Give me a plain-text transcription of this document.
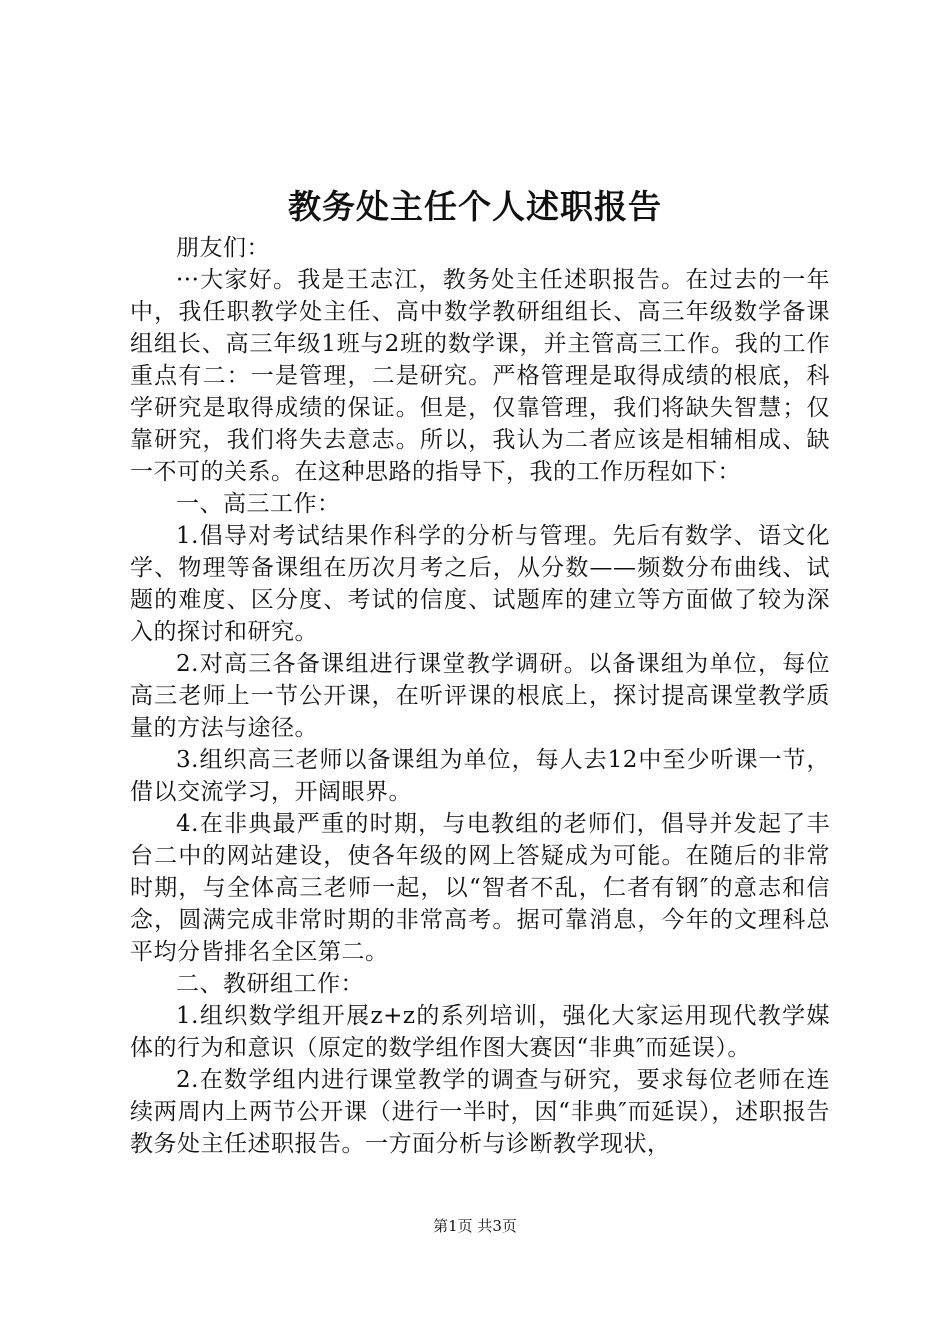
教务处主任个人述职报告

朋友们：

···大家好。我是王志江，教务处主任述职报告。在过去的一年中，我任职教学处主任、高中数学教研组组长、高三年级数学备课组组长、高三年级1班与2班的数学课，并主管高三工作。我的工作重点有二：一是管理，二是研究。严格管理是取得成绩的根底，科学研究是取得成绩的保证。但是，仅靠管理，我们将缺失智慧；仅靠研究，我们将失去意志。所以，我认为二者应该是相辅相成、缺一不可的关系。在这种思路的指导下，我的工作历程如下：

一、高三工作：

1.倡导对考试结果作科学的分析与管理。先后有数学、语文化学、物理等备课组在历次月考之后，从分数——频数分布曲线、试题的难度、区分度、考试的信度、试题库的建立等方面做了较为深入的探讨和研究。

2.对高三各备课组进行课堂教学调研。以备课组为单位，每位高三老师上一节公开课，在听评课的根底上，探讨提高课堂教学质量的方法与途径。

3.组织高三老师以备课组为单位，每人去12中至少听课一节，借以交流学习，开阔眼界。

4.在非典最严重的时期，与电教组的老师们，倡导并发起了丰台二中的网站建设，使各年级的网上答疑成为可能。在随后的非常时期，与全体高三老师一起，以“智者不乱，仁者有钢″的意志和信念，圆满完成非常时期的非常高考。据可靠消息，今年的文理科总平均分皆排名全区第二。

二、教研组工作：

1.组织数学组开展z+z的系列培训，强化大家运用现代教学媒体的行为和意识（原定的数学组作图大赛因“非典″而延误）。

2.在数学组内进行课堂教学的调查与研究，要求每位老师在连续两周内上两节公开课（进行一半时，因“非典″而延误），述职报告教务处主任述职报告。一方面分析与诊断教学现状，

第1页 共3页
